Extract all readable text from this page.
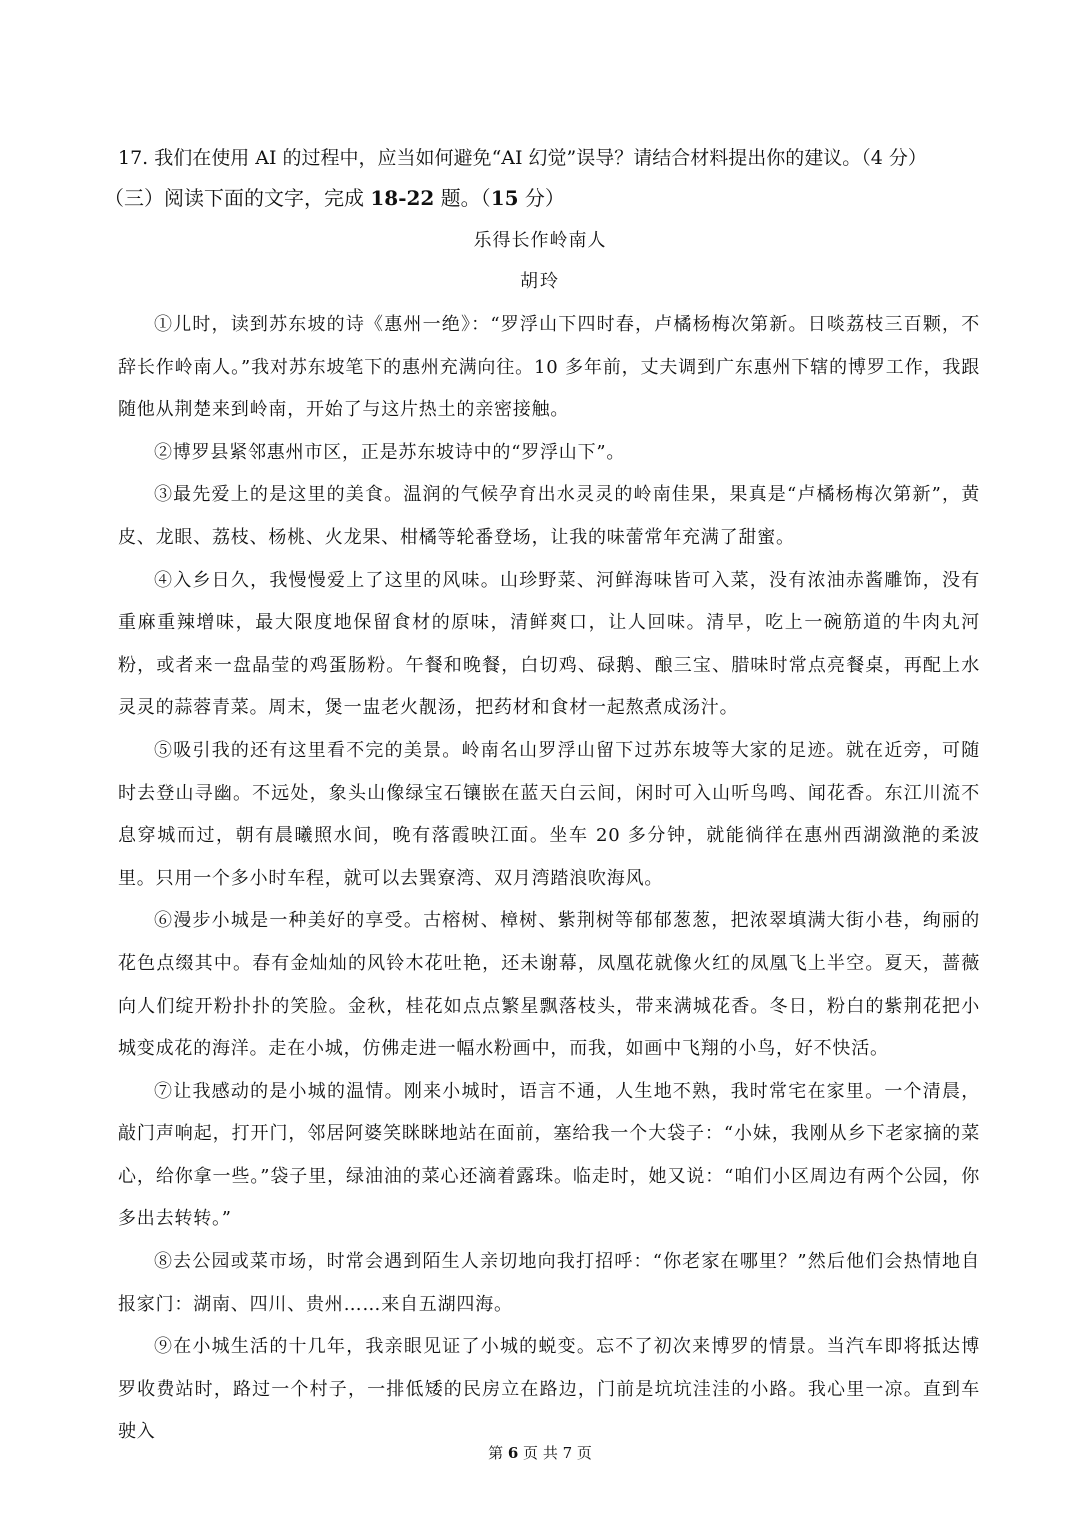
17. 我们在使用 AI 的过程中，应当如何避免“AI 幻觉”误导？请结合材料提出你的建议。（4 分）
（三）阅读下面的文字，完成 18-22 题。（15 分）
乐得长作岭南人
胡玲

①儿时，读到苏东坡的诗《惠州一绝》：“罗浮山下四时春，卢橘杨梅次第新。日啖荔枝三百颗，不辞长作岭南人。”我对苏东坡笔下的惠州充满向往。10 多年前，丈夫调到广东惠州下辖的博罗工作，我跟随他从荆楚来到岭南，开始了与这片热土的亲密接触。

②博罗县紧邻惠州市区，正是苏东坡诗中的“罗浮山下”。

③最先爱上的是这里的美食。温润的气候孕育出水灵灵的岭南佳果，果真是“卢橘杨梅次第新”，黄皮、龙眼、荔枝、杨桃、火龙果、柑橘等轮番登场，让我的味蕾常年充满了甜蜜。

④入乡日久，我慢慢爱上了这里的风味。山珍野菜、河鲜海味皆可入菜，没有浓油赤酱雕饰，没有重麻重辣增味，最大限度地保留食材的原味，清鲜爽口，让人回味。清早，吃上一碗筋道的牛肉丸河粉，或者来一盘晶莹的鸡蛋肠粉。午餐和晚餐，白切鸡、碌鹅、酿三宝、腊味时常点亮餐桌，再配上水灵灵的蒜蓉青菜。周末，煲一盅老火靓汤，把药材和食材一起熬煮成汤汁。

⑤吸引我的还有这里看不完的美景。岭南名山罗浮山留下过苏东坡等大家的足迹。就在近旁，可随时去登山寻幽。不远处，象头山像绿宝石镶嵌在蓝天白云间，闲时可入山听鸟鸣、闻花香。东江川流不息穿城而过，朝有晨曦照水间，晚有落霞映江面。坐车 20 多分钟，就能徜徉在惠州西湖潋滟的柔波里。只用一个多小时车程，就可以去巽寮湾、双月湾踏浪吹海风。

⑥漫步小城是一种美好的享受。古榕树、樟树、紫荆树等郁郁葱葱，把浓翠填满大街小巷，绚丽的花色点缀其中。春有金灿灿的风铃木花吐艳，还未谢幕，凤凰花就像火红的凤凰飞上半空。夏天，蔷薇向人们绽开粉扑扑的笑脸。金秋，桂花如点点繁星飘落枝头，带来满城花香。冬日，粉白的紫荆花把小城变成花的海洋。走在小城，仿佛走进一幅水粉画中，而我，如画中飞翔的小鸟，好不快活。

⑦让我感动的是小城的温情。刚来小城时，语言不通，人生地不熟，我时常宅在家里。一个清晨，敲门声响起，打开门，邻居阿婆笑眯眯地站在面前，塞给我一个大袋子：“小妹，我刚从乡下老家摘的菜心，给你拿一些。”袋子里，绿油油的菜心还滴着露珠。临走时，她又说：“咱们小区周边有两个公园，你多出去转转。”

⑧去公园或菜市场，时常会遇到陌生人亲切地向我打招呼：“你老家在哪里？”然后他们会热情地自报家门：湖南、四川、贵州……来自五湖四海。

⑨在小城生活的十几年，我亲眼见证了小城的蜕变。忘不了初次来博罗的情景。当汽车即将抵达博罗收费站时，路过一个村子，一排低矮的民房立在路边，门前是坑坑洼洼的小路。我心里一凉。直到车驶入

第 6 页 共 7 页
